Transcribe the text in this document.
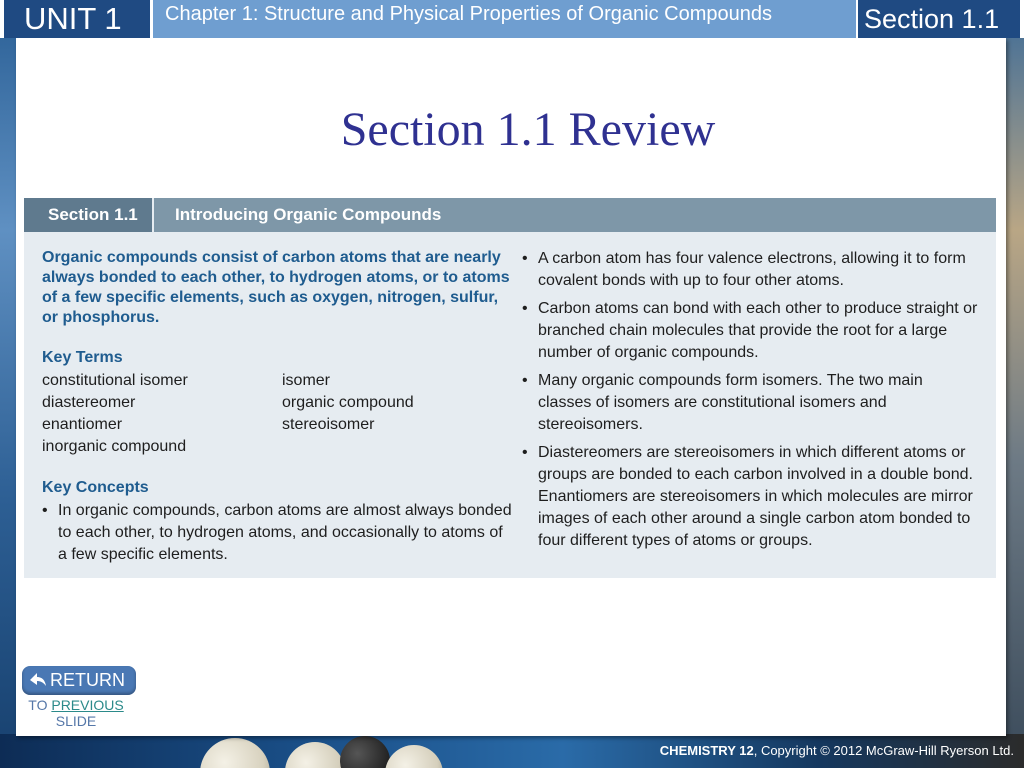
UNIT 1	Chapter 1: Structure and Physical Properties of Organic Compounds	Section 1.1
Section 1.1 Review
Section 1.1	Introducing Organic Compounds
Organic compounds consist of carbon atoms that are nearly always bonded to each other, to hydrogen atoms, or to atoms of a few specific elements, such as oxygen, nitrogen, sulfur, or phosphorus.
Key Terms
constitutional isomer	isomer
diastereomer	organic compound
enantiomer	stereoisomer
inorganic compound
Key Concepts
• In organic compounds, carbon atoms are almost always bonded to each other, to hydrogen atoms, and occasionally to atoms of a few specific elements.
• A carbon atom has four valence electrons, allowing it to form covalent bonds with up to four other atoms.
• Carbon atoms can bond with each other to produce straight or branched chain molecules that provide the root for a large number of organic compounds.
• Many organic compounds form isomers. The two main classes of isomers are constitutional isomers and stereoisomers.
• Diastereomers are stereoisomers in which different atoms or groups are bonded to each carbon involved in a double bond. Enantiomers are stereoisomers in which molecules are mirror images of each other around a single carbon atom bonded to four different types of atoms or groups.
RETURN
TO PREVIOUS
SLIDE
CHEMISTRY 12, Copyright © 2012 McGraw-Hill Ryerson Ltd.
